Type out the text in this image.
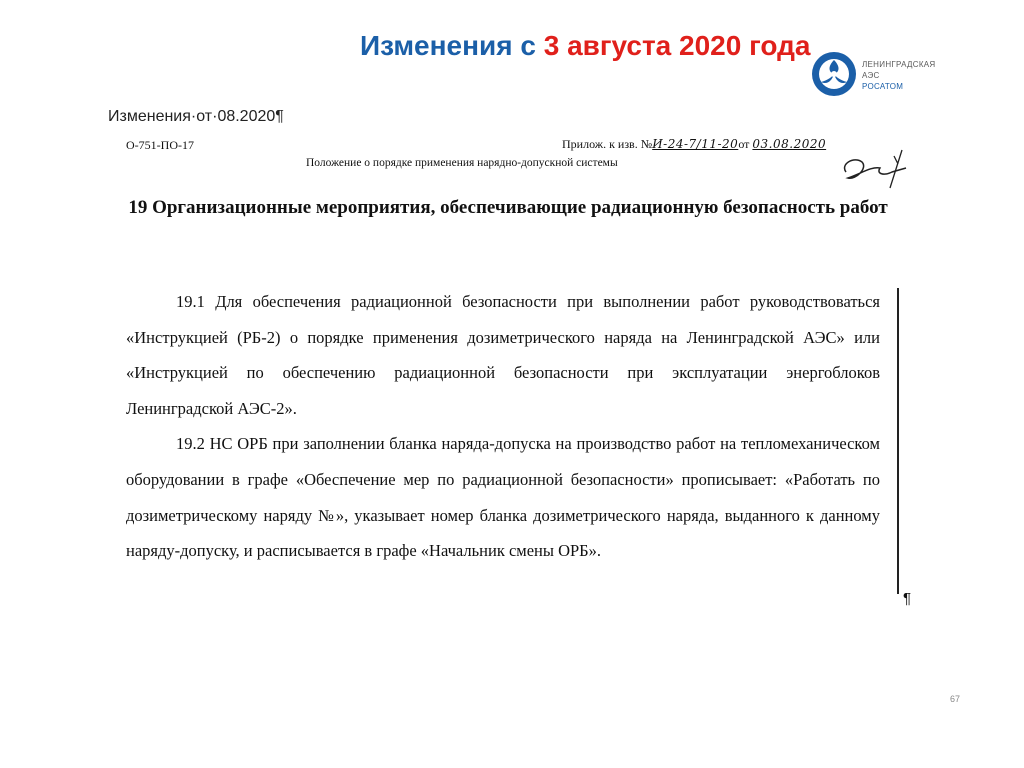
Изменения с 3 августа 2020 года
ЛЕНИНГРАДСКАЯ
АЭС
РОСАТОМ
Изменения·от·08.2020¶
О-751-ПО-17	Прилож. к изв. №И-24-7/11-20от 03.08.2020
Положение о порядке применения нарядно-допускной системы
19 Организационные мероприятия, обеспечивающие радиационную безопасность работ

19.1 Для обеспечения радиационной безопасности при выполнении работ руководствоваться «Инструкцией (РБ-2) о порядке применения дозиметрического наряда на Ленинградской АЭС» или «Инструкцией по обеспечению радиационной безопасности при эксплуатации энергоблоков Ленинградской АЭС-2».

19.2 НС ОРБ при заполнении бланка наряда-допуска на производство работ на тепломеханическом оборудовании в графе «Обеспечение мер по радиационной безопасности» прописывает: «Работать по дозиметрическому наряду №», указывает номер бланка дозиметрического наряда, выданного к данному наряду-допуску, и расписывается в графе «Начальник смены ОРБ».

¶
67
